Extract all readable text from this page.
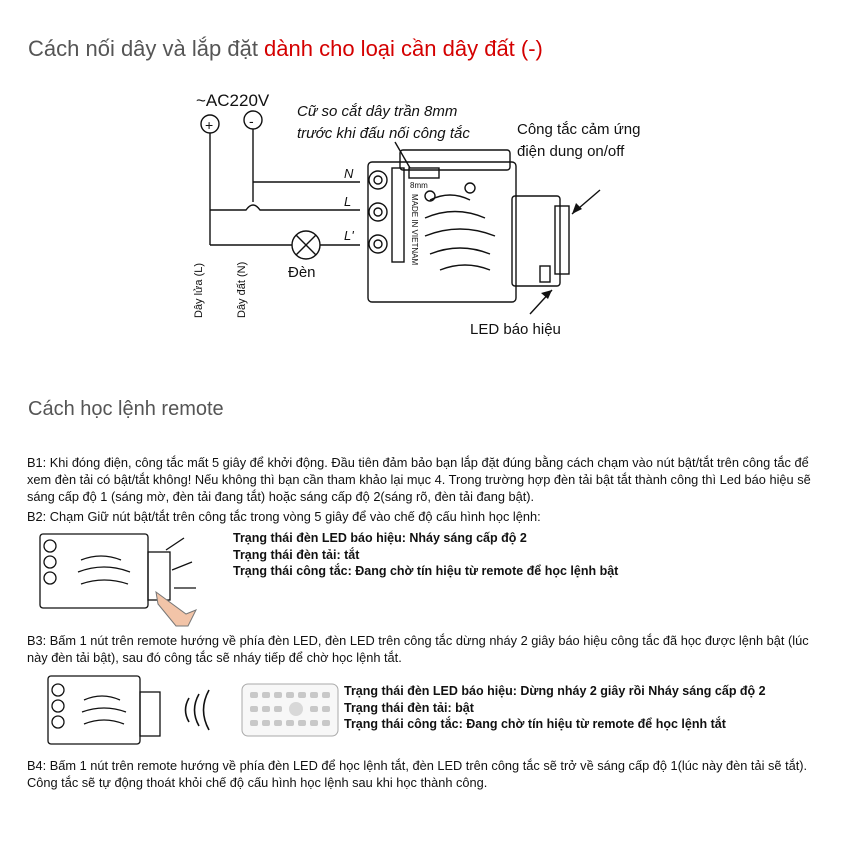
Cách nối dây và lắp đặt dành cho loại cần dây đất (-)
~AC220V
+	-
Cữ so cắt dây trần 8mm
trước khi đấu nối công tắc	Công tắc cảm ứng
điện dung on/off
N
L
L'
Đèn
Dây lửa (L)	Dây đất (N)
8mm
MADE IN VIETNAM
LED báo hiệu
Cách học lệnh remote
B1: Khi đóng điện, công tắc mất 5 giây để khởi động. Đầu tiên đảm bảo bạn lắp đặt đúng bằng cách chạm vào nút bật/tắt trên công tắc để xem đèn tải có bật/tắt không! Nếu không thì bạn cần tham khảo lại mục 4. Trong trường hợp đèn tải bật tắt thành công thì Led báo hiệu sẽ sáng cấp độ 1 (sáng mờ, đèn tải đang tắt) hoặc sáng cấp độ 2(sáng rõ, đèn tải đang bật).
B2: Chạm Giữ nút bật/tắt trên công tắc trong vòng 5 giây để vào chế độ cấu hình học lệnh:
Trạng thái đèn LED báo hiệu: Nháy sáng cấp độ 2
Trạng thái đèn tải: tắt
Trạng thái công tắc: Đang chờ tín hiệu từ remote để học lệnh bật
B3: Bấm 1 nút trên remote hướng về phía đèn LED, đèn LED trên công tắc dừng nháy 2 giây báo hiệu công tắc đã học được lệnh bật (lúc này đèn tải bật), sau đó công tắc sẽ nháy tiếp để chờ học lệnh tắt.
Trạng thái đèn LED báo hiệu: Dừng nháy 2 giây rồi Nháy sáng cấp độ 2
Trạng thái đèn tải: bật
Trạng thái công tắc: Đang chờ tín hiệu từ remote để học lệnh tắt
B4: Bấm 1 nút trên remote hướng về phía đèn LED để học lệnh tắt, đèn LED trên công tắc sẽ trở về sáng cấp độ 1(lúc này đèn tải sẽ tắt). Công tắc sẽ tự động thoát khỏi chế độ cấu hình học lệnh sau khi học thành công.
